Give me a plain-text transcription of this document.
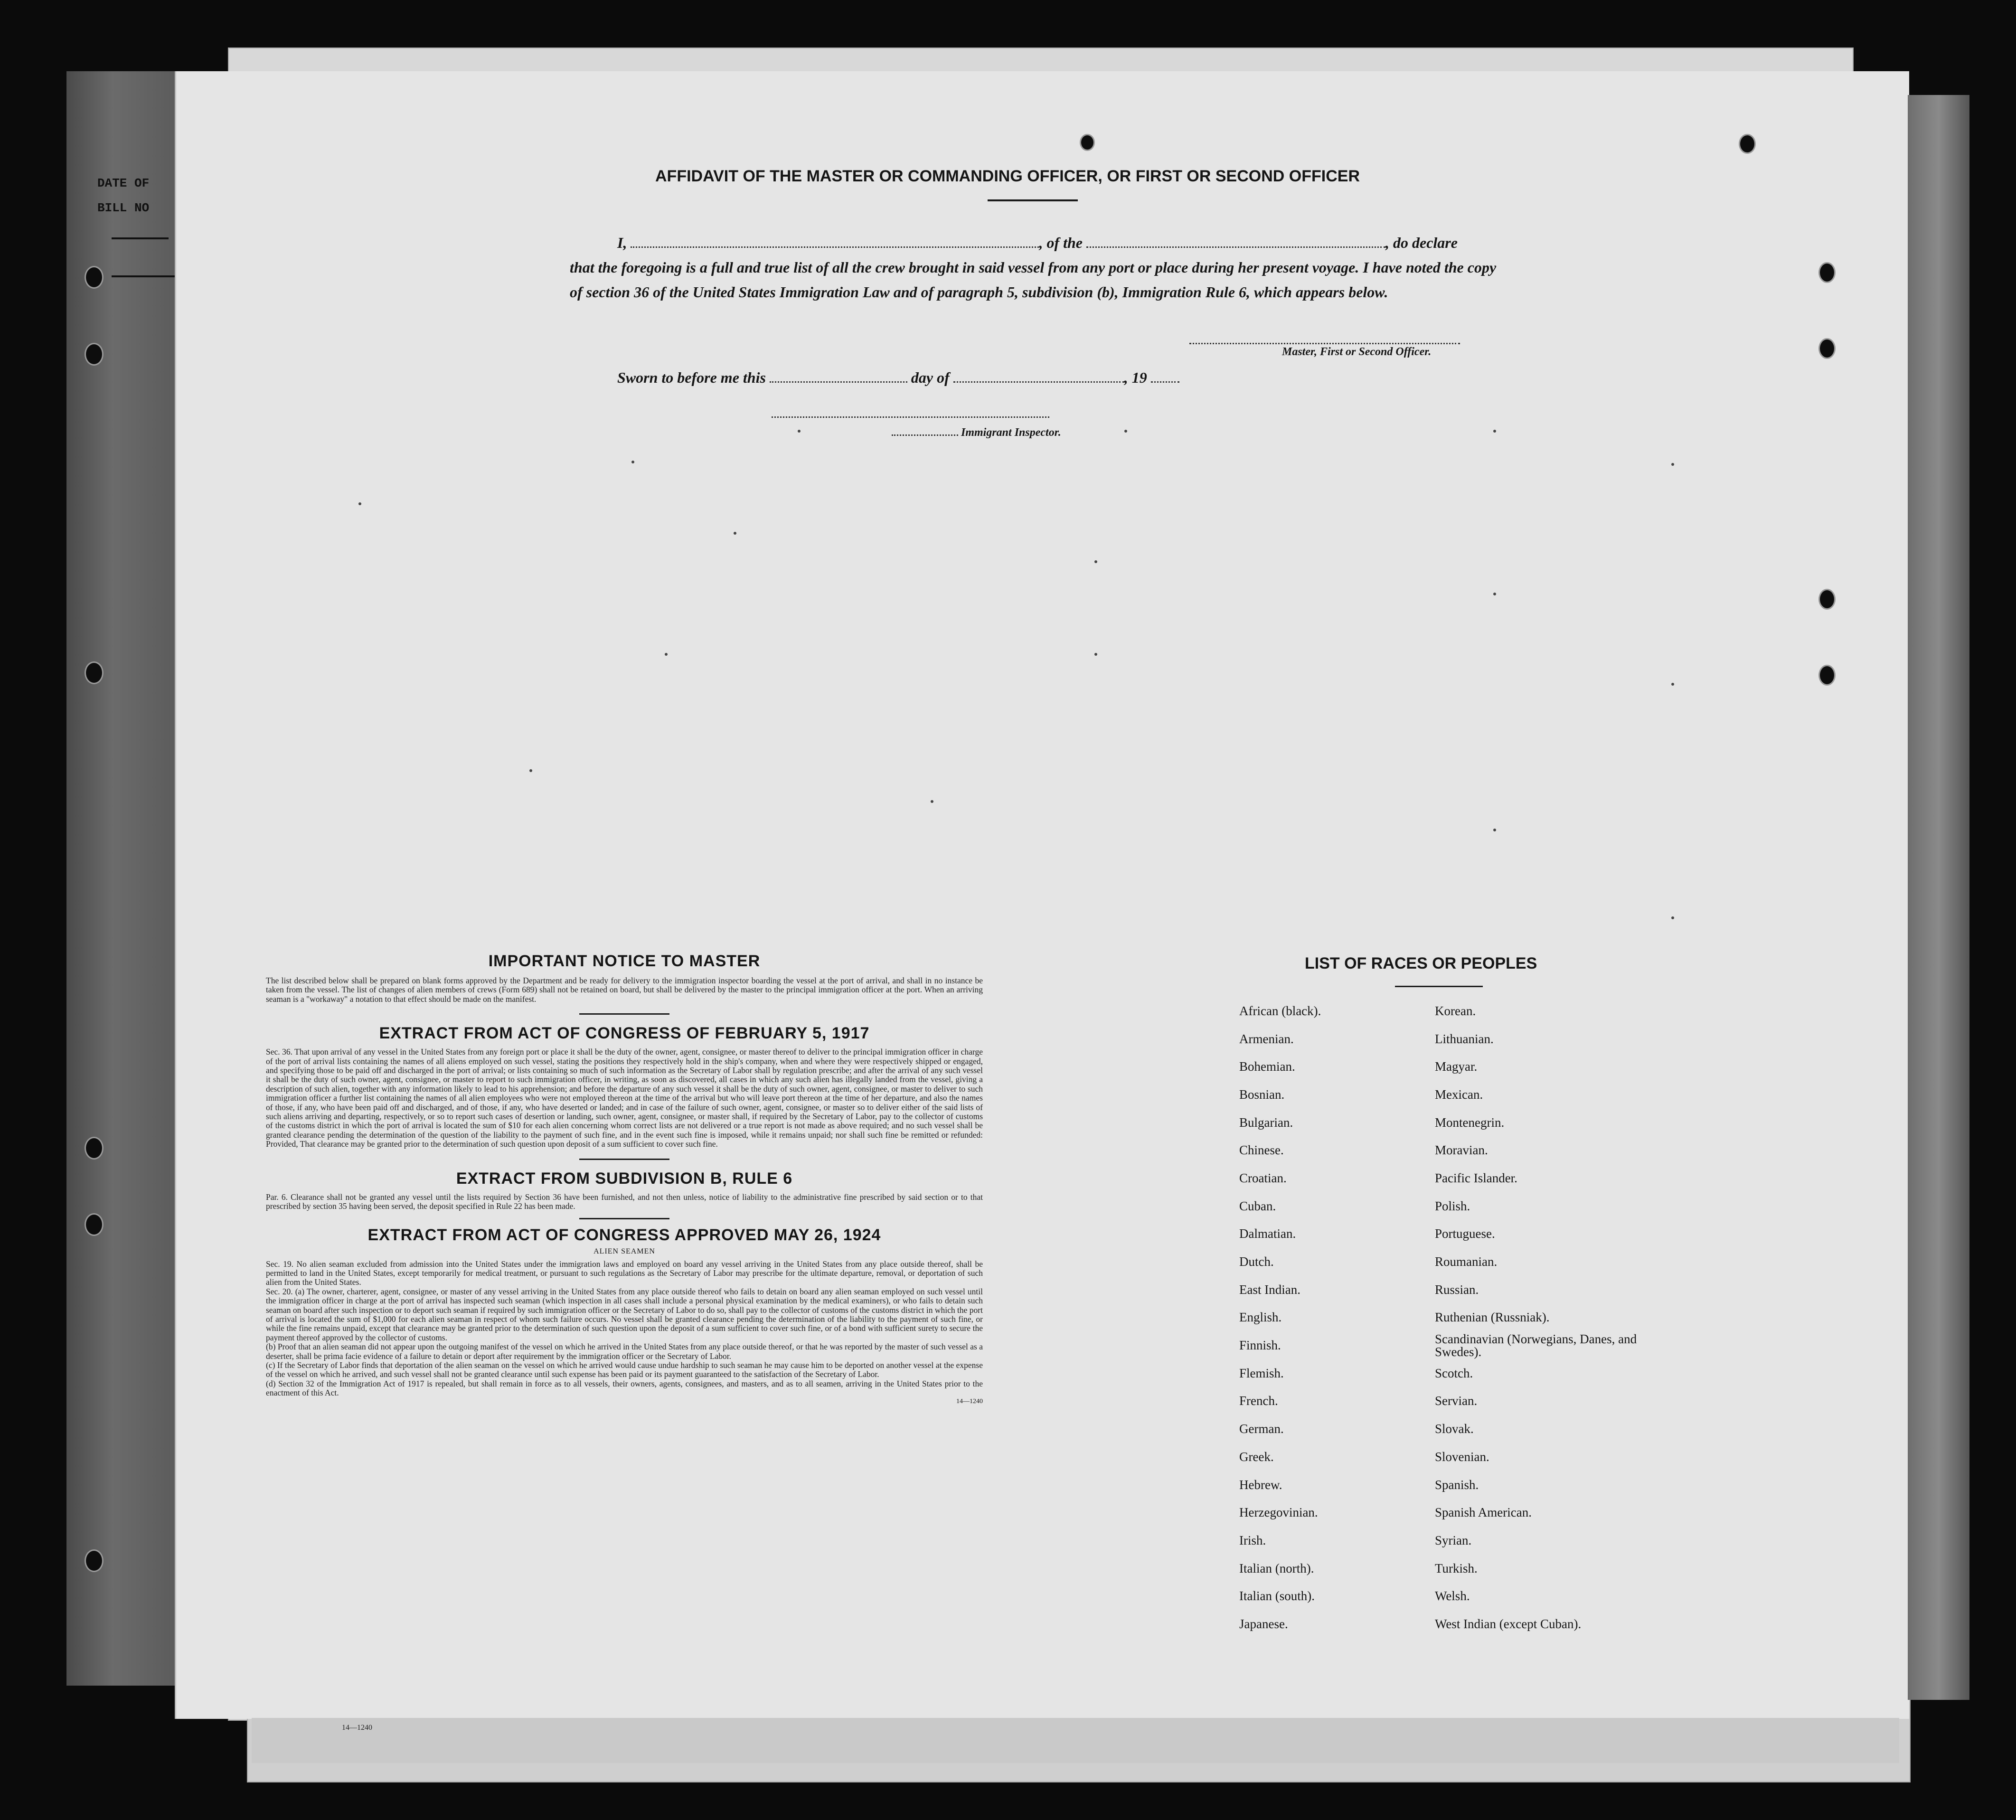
DATE OF
BILL NO
AFFIDAVIT OF THE MASTER OR COMMANDING OFFICER, OR FIRST OR SECOND OFFICER
I,	, of the	, do declare
that the foregoing is a full and true list of all the crew brought in said vessel from any port or place during her present voyage. I have noted the copy of section 36 of the United States Immigration Law and of paragraph 5, subdivision (b), Immigration Rule 6, which appears below.
Master, First or Second Officer.
Sworn to before me this	day of	, 19
Immigrant Inspector.
IMPORTANT NOTICE TO MASTER

The list described below shall be prepared on blank forms approved by the Department and be ready for delivery to the immigration inspector boarding the vessel at the port of arrival, and shall in no instance be taken from the vessel. The list of changes of alien members of crews (Form 689) shall not be retained on board, but shall be delivered by the master to the principal immigration officer at the port. When an arriving seaman is a "workaway" a notation to that effect should be made on the manifest.

EXTRACT FROM ACT OF CONGRESS OF FEBRUARY 5, 1917

Sec. 36. That upon arrival of any vessel in the United States from any foreign port or place it shall be the duty of the owner, agent, consignee, or master thereof to deliver to the principal immigration officer in charge of the port of arrival lists containing the names of all aliens employed on such vessel, stating the positions they respectively hold in the ship's company, when and where they were respectively shipped or engaged, and specifying those to be paid off and discharged in the port of arrival; or lists containing so much of such information as the Secretary of Labor shall by regulation prescribe; and after the arrival of any such vessel it shall be the duty of such owner, agent, consignee, or master to report to such immigration officer, in writing, as soon as discovered, all cases in which any such alien has illegally landed from the vessel, giving a description of such alien, together with any information likely to lead to his apprehension; and before the departure of any such vessel it shall be the duty of such owner, agent, consignee, or master to deliver to such immigration officer a further list containing the names of all alien employees who were not employed thereon at the time of the arrival but who will leave port thereon at the time of her departure, and also the names of those, if any, who have been paid off and discharged, and of those, if any, who have deserted or landed; and in case of the failure of such owner, agent, consignee, or master so to deliver either of the said lists of such aliens arriving and departing, respectively, or so to report such cases of desertion or landing, such owner, agent, consignee, or master shall, if required by the Secretary of Labor, pay to the collector of customs of the customs district in which the port of arrival is located the sum of $10 for each alien concerning whom correct lists are not delivered or a true report is not made as above required; and no such vessel shall be granted clearance pending the determination of the question of the liability to the payment of such fine, and in the event such fine is imposed, while it remains unpaid; nor shall such fine be remitted or refunded: Provided, That clearance may be granted prior to the determination of such question upon deposit of a sum sufficient to cover such fine.

EXTRACT FROM SUBDIVISION B, RULE 6

Par. 6. Clearance shall not be granted any vessel until the lists required by Section 36 have been furnished, and not then unless, notice of liability to the administrative fine prescribed by said section or to that prescribed by section 35 having been served, the deposit specified in Rule 22 has been made.

EXTRACT FROM ACT OF CONGRESS APPROVED MAY 26, 1924
ALIEN SEAMEN

Sec. 19. No alien seaman excluded from admission into the United States under the immigration laws and employed on board any vessel arriving in the United States from any place outside thereof, shall be permitted to land in the United States, except temporarily for medical treatment, or pursuant to such regulations as the Secretary of Labor may prescribe for the ultimate departure, removal, or deportation of such alien from the United States.

Sec. 20. (a) The owner, charterer, agent, consignee, or master of any vessel arriving in the United States from any place outside thereof who fails to detain on board any alien seaman employed on such vessel until the immigration officer in charge at the port of arrival has inspected such seaman (which inspection in all cases shall include a personal physical examination by the medical examiners), or who fails to detain such seaman on board after such inspection or to deport such seaman if required by such immigration officer or the Secretary of Labor to do so, shall pay to the collector of customs of the customs district in which the port of arrival is located the sum of $1,000 for each alien seaman in respect of whom such failure occurs. No vessel shall be granted clearance pending the determination of the liability to the payment of such fine, or while the fine remains unpaid, except that clearance may be granted prior to the determination of such question upon the deposit of a sum sufficient to cover such fine, or of a bond with sufficient surety to secure the payment thereof approved by the collector of customs.

(b) Proof that an alien seaman did not appear upon the outgoing manifest of the vessel on which he arrived in the United States from any place outside thereof, or that he was reported by the master of such vessel as a deserter, shall be prima facie evidence of a failure to detain or deport after requirement by the immigration officer or the Secretary of Labor.

(c) If the Secretary of Labor finds that deportation of the alien seaman on the vessel on which he arrived would cause undue hardship to such seaman he may cause him to be deported on another vessel at the expense of the vessel on which he arrived, and such vessel shall not be granted clearance until such expense has been paid or its payment guaranteed to the satisfaction of the Secretary of Labor.

(d) Section 32 of the Immigration Act of 1917 is repealed, but shall remain in force as to all vessels, their owners, agents, consignees, and masters, and as to all seamen, arriving in the United States prior to the enactment of this Act.

14—1240
LIST OF RACES OR PEOPLES
African (black).	Korean.
Armenian.	Lithuanian.
Bohemian.	Magyar.
Bosnian.	Mexican.
Bulgarian.	Montenegrin.
Chinese.	Moravian.
Croatian.	Pacific Islander.
Cuban.	Polish.
Dalmatian.	Portuguese.
Dutch.	Roumanian.
East Indian.	Russian.
English.	Ruthenian (Russniak).
Finnish.	Scandinavian (Norwegians, Danes, and Swedes).
Flemish.	Scotch.
French.	Servian.
German.	Slovak.
Greek.	Slovenian.
Hebrew.	Spanish.
Herzegovinian.	Spanish American.
Irish.	Syrian.
Italian (north).	Turkish.
Italian (south).	Welsh.
Japanese.	West Indian (except Cuban).
14—1240
